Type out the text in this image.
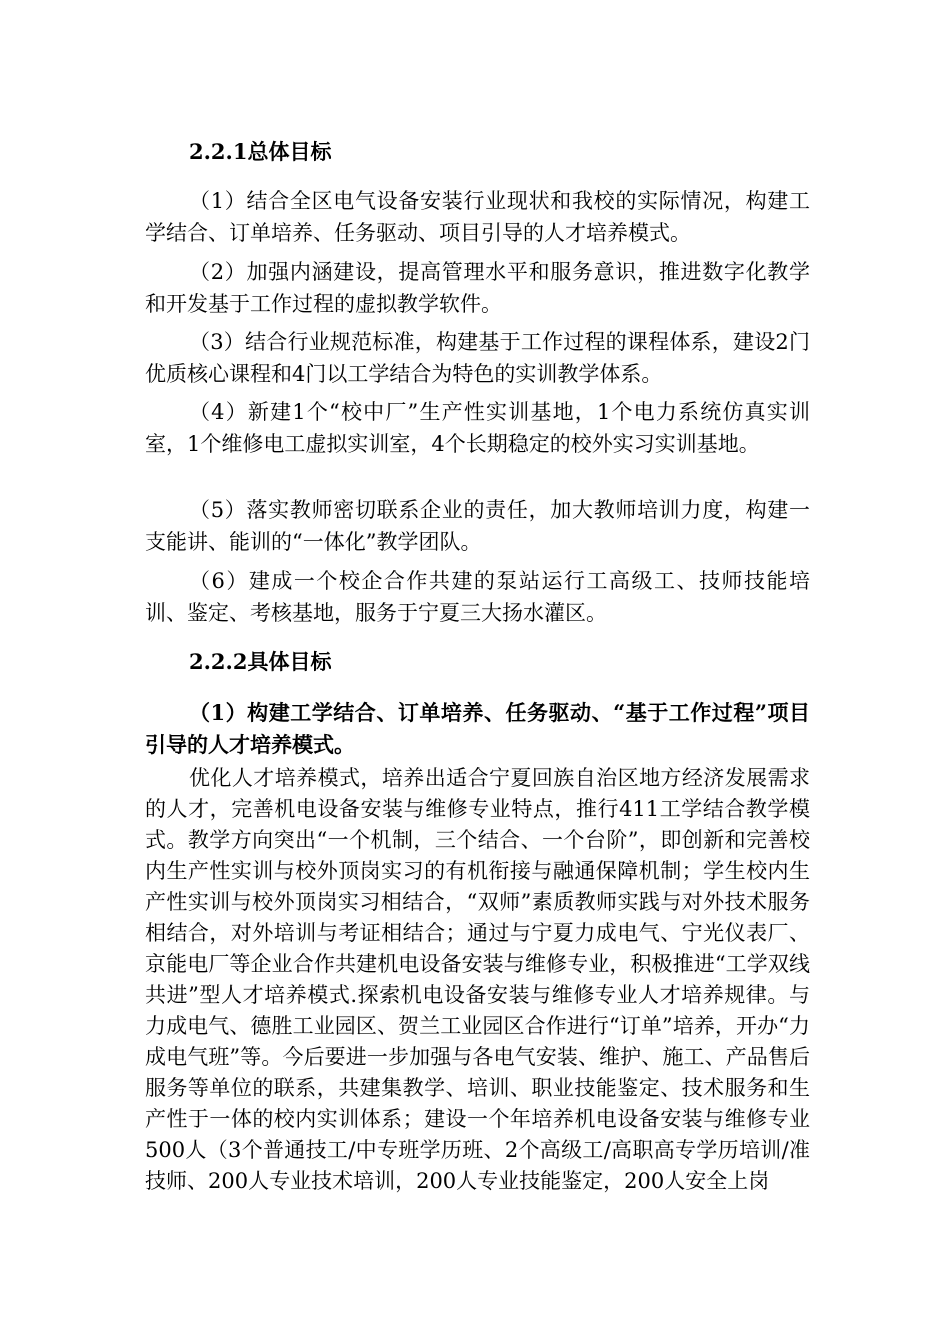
2.2.1总体目标

（1）结合全区电气设备安装行业现状和我校的实际情况，构建工学结合、订单培养、任务驱动、项目引导的人才培养模式。

（2）加强内涵建设，提高管理水平和服务意识，推进数字化教学和开发基于工作过程的虚拟教学软件。

（3）结合行业规范标准，构建基于工作过程的课程体系，建设2门优质核心课程和4门以工学结合为特色的实训教学体系。

（4）新建1个“校中厂”生产性实训基地，1个电力系统仿真实训室，1个维修电工虚拟实训室，4个长期稳定的校外实习实训基地。

（5）落实教师密切联系企业的责任，加大教师培训力度，构建一支能讲、能训的“一体化”教学团队。

（6）建成一个校企合作共建的泵站运行工高级工、技师技能培训、鉴定、考核基地，服务于宁夏三大扬水灌区。

2.2.2具体目标

（1）构建工学结合、订单培养、任务驱动、“基于工作过程”项目引导的人才培养模式。

优化人才培养模式，培养出适合宁夏回族自治区地方经济发展需求的人才，完善机电设备安装与维修专业特点，推行411工学结合教学模式。教学方向突出“一个机制，三个结合、一个台阶”，即创新和完善校内生产性实训与校外顶岗实习的有机衔接与融通保障机制；学生校内生产性实训与校外顶岗实习相结合，“双师”素质教师实践与对外技术服务相结合，对外培训与考证相结合；通过与宁夏力成电气、宁光仪表厂、京能电厂等企业合作共建机电设备安装与维修专业，积极推进“工学双线共进”型人才培养模式.探索机电设备安装与维修专业人才培养规律。与力成电气、德胜工业园区、贺兰工业园区合作进行“订单”培养，开办“力成电气班”等。今后要进一步加强与各电气安装、维护、施工、产品售后服务等单位的联系，共建集教学、培训、职业技能鉴定、技术服务和生产性于一体的校内实训体系；建设一个年培养机电设备安装与维修专业500人（3个普通技工/中专班学历班、2个高级工/高职高专学历培训/准技师、200人专业技术培训，200人专业技能鉴定，200人安全上岗
